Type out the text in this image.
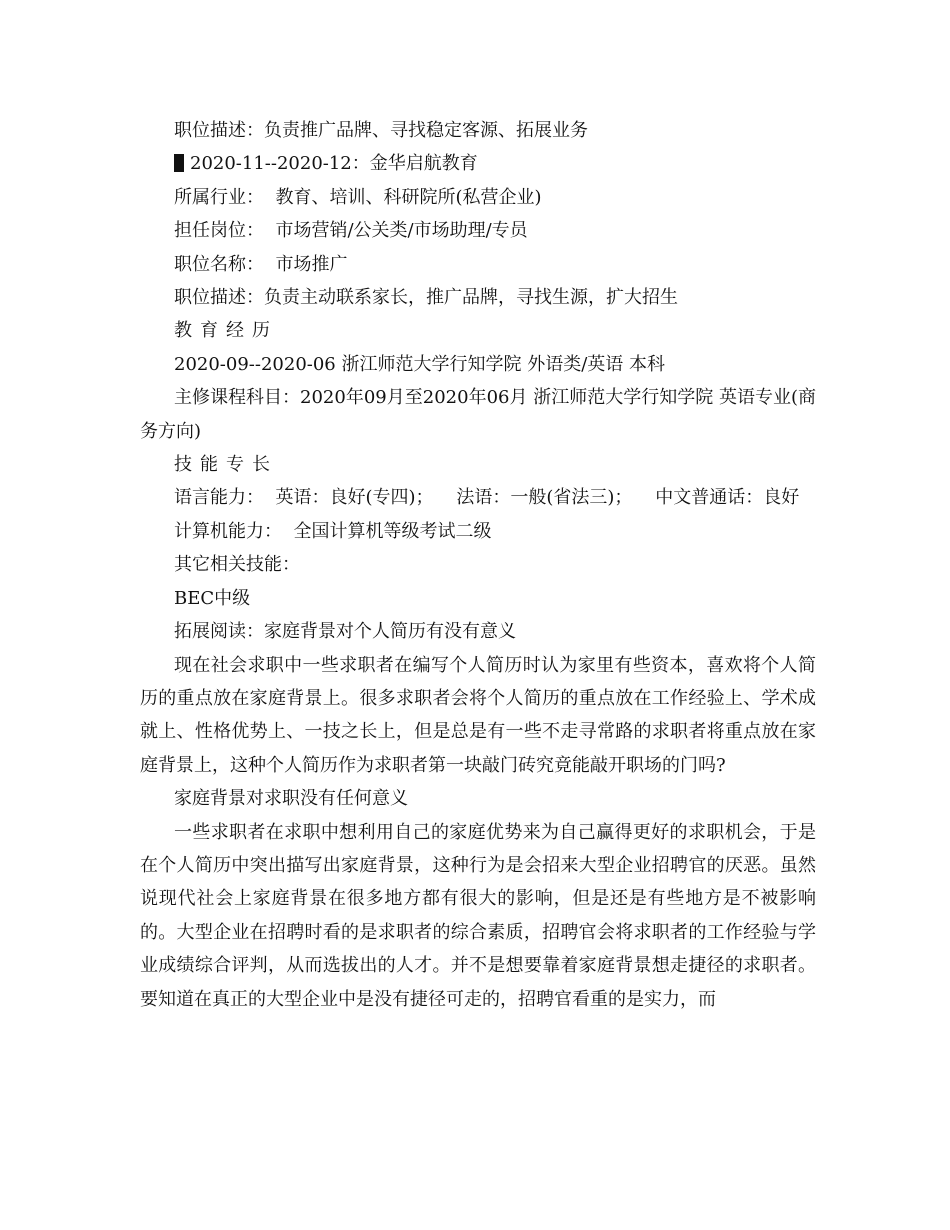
职位描述：负责推广品牌、寻找稳定客源、拓展业务

2020-11--2020-12：金华启航教育

所属行业：  教育、培训、科研院所(私营企业)

担任岗位：  市场营销/公关类/市场助理/专员

职位名称：  市场推广

职位描述：负责主动联系家长，推广品牌，寻找生源，扩大招生

教育经历

2020-09--2020-06 浙江师范大学行知学院 外语类/英语 本科

主修课程科目：2020年09月至2020年06月 浙江师范大学行知学院 英语专业(商务方向)

技能专长

语言能力：  英语：良好(专四)；    法语：一般(省法三)；    中文普通话：良好

计算机能力：  全国计算机等级考试二级

其它相关技能：

BEC中级

拓展阅读：家庭背景对个人简历有没有意义

现在社会求职中一些求职者在编写个人简历时认为家里有些资本，喜欢将个人简历的重点放在家庭背景上。很多求职者会将个人简历的重点放在工作经验上、学术成就上、性格优势上、一技之长上，但是总是有一些不走寻常路的求职者将重点放在家庭背景上，这种个人简历作为求职者第一块敲门砖究竟能敲开职场的门吗?

家庭背景对求职没有任何意义

一些求职者在求职中想利用自己的家庭优势来为自己赢得更好的求职机会，于是在个人简历中突出描写出家庭背景，这种行为是会招来大型企业招聘官的厌恶。虽然说现代社会上家庭背景在很多地方都有很大的影响，但是还是有些地方是不被影响的。大型企业在招聘时看的是求职者的综合素质，招聘官会将求职者的工作经验与学业成绩综合评判，从而选拔出的人才。并不是想要靠着家庭背景想走捷径的求职者。要知道在真正的大型企业中是没有捷径可走的，招聘官看重的是实力，而
